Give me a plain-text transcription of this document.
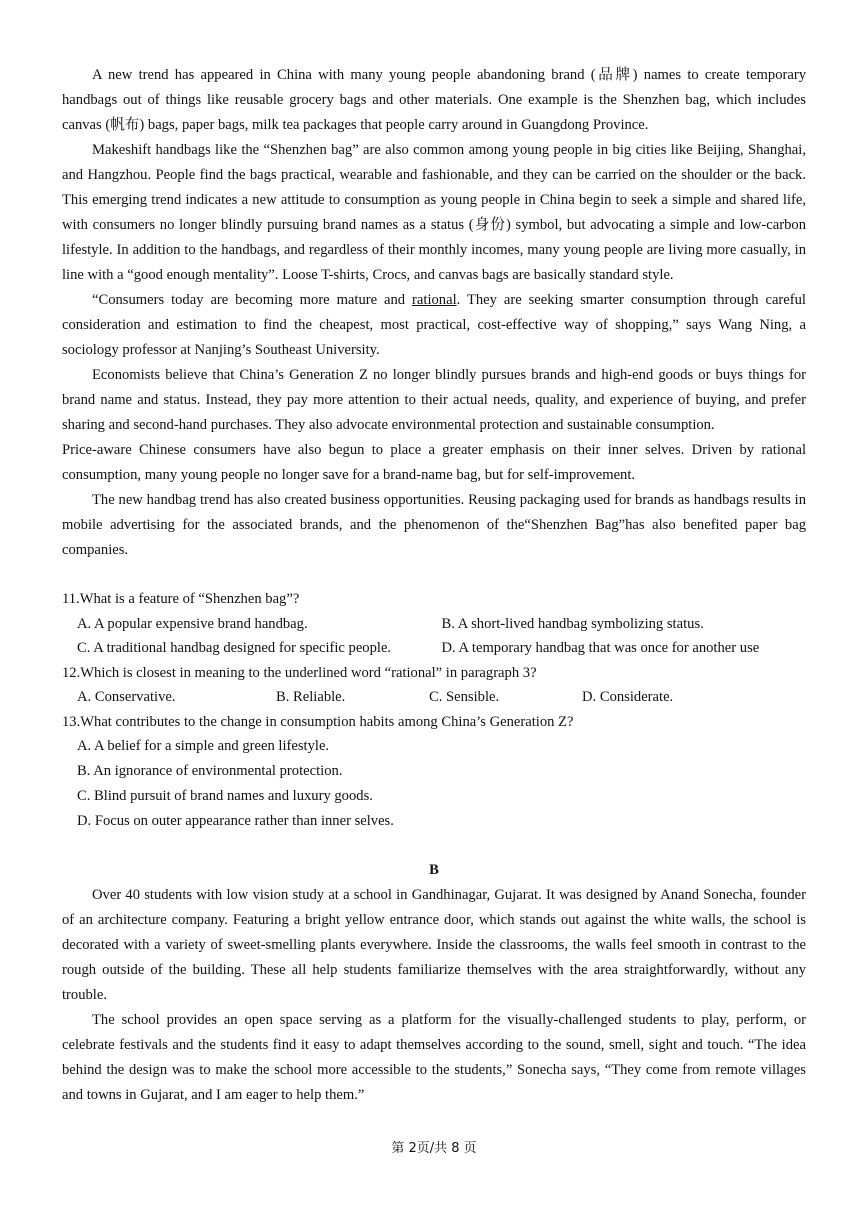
A new trend has appeared in China with many young people abandoning brand (品牌) names to create temporary handbags out of things like reusable grocery bags and other materials. One example is the Shenzhen bag, which includes canvas (帆布) bags, paper bags, milk tea packages that people carry around in Guangdong Province.

Makeshift handbags like the “Shenzhen bag” are also common among young people in big cities like Beijing, Shanghai, and Hangzhou. People find the bags practical, wearable and fashionable, and they can be carried on the shoulder or the back. This emerging trend indicates a new attitude to consumption as young people in China begin to seek a simple and shared life, with consumers no longer blindly pursuing brand names as a status (身份) symbol, but advocating a simple and low-carbon lifestyle. In addition to the handbags, and regardless of their monthly incomes, many young people are living more casually, in line with a “good enough mentality”. Loose T-shirts, Crocs, and canvas bags are basically standard style.

“Consumers today are becoming more mature and rational. They are seeking smarter consumption through careful consideration and estimation to find the cheapest, most practical, cost-effective way of shopping,” says Wang Ning, a sociology professor at Nanjing’s Southeast University.

Economists believe that China’s Generation Z no longer blindly pursues brands and high-end goods or buys things for brand name and status. Instead, they pay more attention to their actual needs, quality, and experience of buying, and prefer sharing and second-hand purchases. They also advocate environmental protection and sustainable consumption.

Price-aware Chinese consumers have also begun to place a greater emphasis on their inner selves. Driven by rational consumption, many young people no longer save for a brand-name bag, but for self-improvement.

The new handbag trend has also created business opportunities. Reusing packaging used for brands as handbags results in mobile advertising for the associated brands, and the phenomenon of the“Shenzhen Bag”has also benefited paper bag companies.

11.What is a feature of “Shenzhen bag”?
A. A popular expensive brand handbag.	B. A short-lived handbag symbolizing status.
C. A traditional handbag designed for specific people.	D. A temporary handbag that was once for another use
12.Which is closest in meaning to the underlined word “rational” in paragraph 3?
A. Conservative.	B. Reliable.	C. Sensible.	D. Considerate.
13.What contributes to the change in consumption habits among China’s Generation Z?
A. A belief for a simple and green lifestyle.
B. An ignorance of environmental protection.
C. Blind pursuit of brand names and luxury goods.
D. Focus on outer appearance rather than inner selves.
B

Over 40 students with low vision study at a school in Gandhinagar, Gujarat. It was designed by Anand Sonecha, founder of an architecture company. Featuring a bright yellow entrance door, which stands out against the white walls, the school is decorated with a variety of sweet-smelling plants everywhere. Inside the classrooms, the walls feel smooth in contrast to the rough outside of the building. These all help students familiarize themselves with the area straightforwardly, without any trouble.

The school provides an open space serving as a platform for the visually-challenged students to play, perform, or celebrate festivals and the students find it easy to adapt themselves according to the sound, smell, sight and touch. “The idea behind the design was to make the school more accessible to the students,” Sonecha says, “They come from remote villages and towns in Gujarat, and I am eager to help them.”

第 2页/共 8 页
